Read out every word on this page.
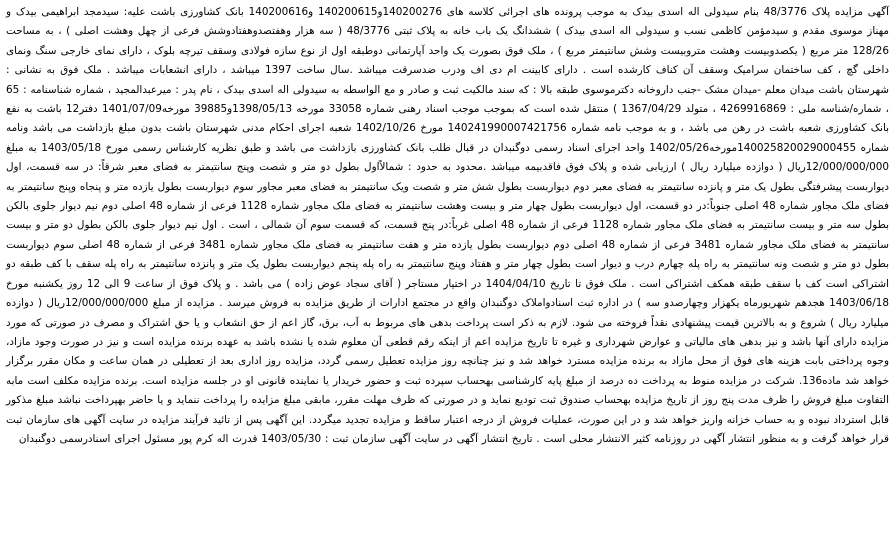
آگهی مزایده پلاک 48/3776 بنام سیدولی اله اسدی بیدک به موجب پرونده های اجرائی کلاسه های 140200276و140200615 و140200616 بانک کشاورزی باشت علیه: سیدمجد ابراهیمی بیدک و مهناز موسوی مقدم و سیدمؤمن کاظمی نسب و سیدولی اله اسدی بیدک ) ششدانگ یک باب خانه به پلاک ثبتی 48/3776 ( سه هزار وهفتصدوهفتادوشش فرعی از چهل وهشت اصلی ) ، به مساحت 128/26 متر مربع ( یکصدوبیست وهشت متروبیست وشش سانتیمتر مربع ) ، ملک فوق بصورت یک واحد آپارتمانی دوطبقه اول از نوع سازه فولادی وسقف تیرچه بلوک ، دارای نمای خارجی سنگ ونمای داخلی گچ ، کف ساختمان سرامیک وسقف آن کناف کارشده است . دارای کابینت ام دی اف ودرب ضدسرقت میباشد .سال ساخت 1397 میباشد ، دارای انشعابات میباشد . ملک فوق به نشانی : شهرستان باشت میدان معلم -میدان مشک -جنب داروخانه دکترموسوی طبقه بالا : که سند مالکیت ثبت و صادر و مع الواسطه به سیدولی اله اسدی بیدک ، نام پدر : میرعبدالمجید ، شماره شناسنامه : 65 ، شماره/شناسه ملی : 4269916869 ، متولد 1367/04/29 ) منتقل شده است که بموجب موجب اسناد رهنی شماره 33058 مورخه 1398/05/13و39885 مورخه1401/07/09 دفتر12 باشت به نفع بانک کشاورزی شعبه باشت در رهن می باشد ، و به موجب نامه شماره 140241990007421756 مورخ 1402/10/26 شعبه اجرای احکام مدنی شهرستان باشت بدون مبلغ بازداشت می باشد ونامه شماره 140025820029000455مورخه1402/05/26 واحد اجرای اسناد رسمی دوگنبدان در قبال طلب بانک کشاورزی بازداشت می باشد و طبق نظریه کارشناس رسمی مورخ 1403/05/18 به مبلغ 12/000/000/000ریال ( دوازده میلیارد ریال ) ارزیابی شده و پلاک فوق فاقدبیمه میباشد .محدود به حدود : شمالاًاول بطول دو متر و شصت وپنج سانتیمتر به فضای معبر شرقاً: در سه قسمت، اول دیواربست پیشرفتگی بطول یک متر و پانزده سانتیمتر به فضای معبر دوم دیواربست بطول شش متر و شصت ویک سانتیمتر به فضای معبر مجاور سوم دیواربست بطول یازده متر و پنجاه وپنج سانتیمتر به فضای ملک مجاور شماره 48 اصلی جنوباً:در دو قسمت، اول دیواربست بطول چهار متر و بیست وهشت سانتیمتر به فضای ملک مجاور شماره 1128 فرعی از شماره 48 اصلی دوم نیم دیوار جلوی بالکن بطول سه متر و بیست سانتیمتر به فضای ملک مجاور شماره 1128 فرعی از شماره 48 اصلی غرباً:در پنج قسمت، که قسمت سوم آن شمالی ، است . اول نیم دیوار جلوی بالکن بطول دو متر و بیست سانتیمتر به فضای ملک مجاور شماره 3481 فرعی از شماره 48 اصلی دوم دیواربست بطول یازده متر و هفت سانتیمتر به فضای ملک مجاور شماره 3481 فرعی از شماره 48 اصلی سوم دیواربست بطول دو متر و شصت ونه سانتیمتر به راه پله چهارم درب و دیوار است بطول چهار متر و هفتاد وپنج سانتیمتر به راه پله پنجم دیواربست بطول یک متر و پانزده سانتیمتر به راه پله سقف با کف طبقه دو اشتراکی است کف با سقف طبقه همکف اشتراکی است . ملک فوق تا تاریخ 1404/04/10 در اختیار مستاجر ( آقای سجاد عوض زاده ) می باشد . و پلاک فوق از ساعت 9 الی 12 روز یکشنبه مورخ 1403/06/18 هجدهم شهریورماه یکهزار وچهارصدو سه ) در اداره ثبت اسنادواملاک دوگنبدان واقع در مجتمع ادارات از طریق مزایده به فروش میرسد . مزایده از مبلغ 12/000/000/000ریال ( دوازده میلیارد ریال ) شروع و به بالاترین قیمت پیشنهادی نقداً فروخته می شود. لازم به ذکر است پرداخت بدهی های مربوط به آب، برق، گاز اعم از حق انشعاب و یا حق اشتراک و مصرف در صورتی که مورد مزایده دارای آنها باشد و نیز بدهی های مالیاتی و عوارض شهرداری و غیره تا تاریخ مزایده اعم از اینکه رقم قطعی آن معلوم شده یا نشده باشد به عهده برنده مزایده است و نیز در صورت وجود مازاد، وجوه پرداختی بابت هزینه های فوق از محل مازاد به برنده مزایده مسترد خواهد شد و نیز چنانچه روز مزایده تعطیل رسمی گردد، مزایده روز اداری بعد از تعطیلی در همان ساعت و مکان مقرر برگزار خواهد شد ماده136. شرکت در مزایده منوط به پرداخت ده درصد از مبلغ پایه کارشناسی بهحساب سپرده ثبت و حضور خریدار یا نماینده قانونی او در جلسه مزایده است. برنده مزایده مکلف است مابه التفاوت مبلغ فروش را ظرف مدت پنج روز از تاریخ مزایده بهحساب صندوق ثبت تودیع نماید و در صورتی که ظرف مهلت مقرر، مابقی مبلغ مزایده را پرداخت ننماید و یا حاضر بهپرداخت نباشد مبلغ مذکور قابل استرداد نبوده و به حساب خزانه واریز خواهد شد و در این صورت، عملیات فروش از درجه اعتبار ساقط و مزایده تجدید میگردد. این آگهی پس از تائید فرآیند مزایده در سایت آگهی های سازمان ثبت قرار خواهد گرفت و به منظور انتشار آگهی در روزنامه کثیر الانتشار محلی است . تاریخ انتشار آگهی در سایت آگهی سازمان ثبت : 1403/05/30 قدرت اله کرم پور مسئول اجرای اسنادرسمی دوگنبدان
